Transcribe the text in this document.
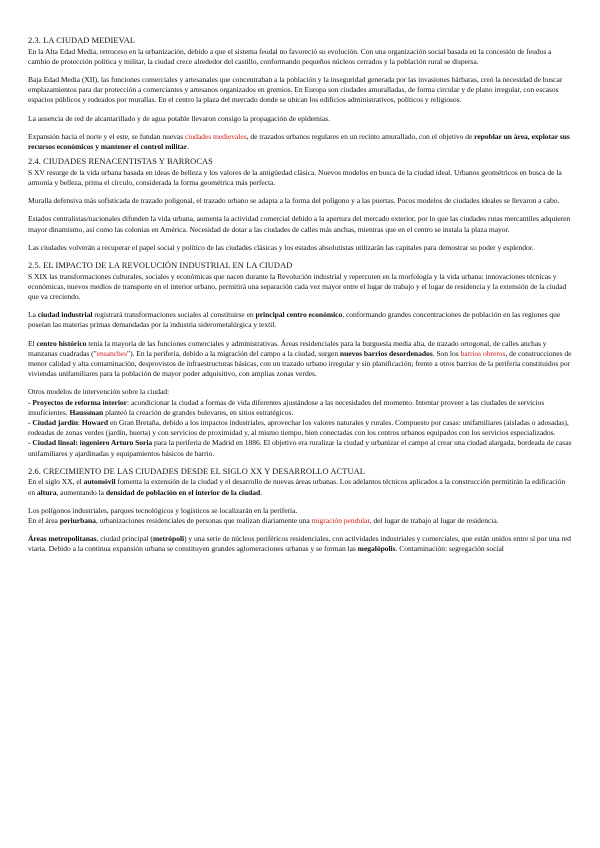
2.3. LA CIUDAD MEDIEVAL

En la Alta Edad Media, retroceso en la urbanización, debido a que el sistema feudal no favoreció su evolución. Con una organización social basada en la concesión de feudos a cambio de protección política y militar, la ciudad crece alrededor del castillo, conformando pequeños núcleos cerrados y la población rural se dispersa.

Baja Edad Media (XII), las funciones comerciales y artesanales que concentraban a la población y la inseguridad generada por las invasiones bárbaras, creó la necesidad de buscar emplazamientos para dar protección a comerciantes y artesanos organizados en gremios. En Europa son ciudades amuralladas, de forma circular y de plano irregular, con escasos espacios públicos y rodeados por murallas. En el centro la plaza del mercado donde se ubican los edificios administrativos, políticos y religiosos.

La ausencia de red de alcantarillado y de agua potable llevaron consigo la propagación de epidemias.

Expansión hacia el norte y el este, se fundan nuevas ciudades medievales, de trazados urbanos regulares en un recinto amurallado, con el objetivo de repoblar un área, explotar sus recursos económicos y mantener el control militar.

2.4. CIUDADES RENACENTISTAS Y BARROCAS

S XV resurge de la vida urbana basada en ideas de belleza y los valores de la antigüedad clásica. Nuevos modelos en busca de la ciudad ideal. Urbanos geométricos en busca de la armonía y belleza, prima el círculo, considerada la forma geométrica más perfecta.

Muralla defensiva más sofisticada de trazado poligonal, el trazado urbano se adapta a la forma del polígono y a las puertas. Pocos modelos de ciudades ideales se llevaron a cabo.

Estados centralistas/nacionales difunden la vida urbana, aumenta la actividad comercial debido a la apertura del mercado exterior, por lo que las ciudades rutas mercantiles adquieren mayor dinamismo, así como las colonias en América. Necesidad de dotar a las ciudades de calles más anchas, mientras que en el centro se instala la plaza mayor.

Las ciudades volverán a recuperar el papel social y político de las ciudades clásicas y los estados absolutistas utilizarán las capitales para demostrar su poder y esplendor.

2.5. EL IMPACTO DE LA REVOLUCIÓN INDUSTRIAL EN LA CIUDAD

S XIX las transformaciones culturales, sociales y económicas que nacen durante la Revolución industrial y repercuten en la morfología y la vida urbana: innovaciones técnicas y económicas, nuevos medios de transporte en el interior urbano, permitirá una separación cada vez mayor entre el lugar de trabajo y el lugar de residencia y la extensión de la ciudad que va creciendo.

La ciudad industrial registrará transformaciones sociales al constituirse en principal centro económico, conformando grandes concentraciones de población en las regiones que poseían las materias primas demandadas por la industria siderometalúrgica y textil.

El centro histórico tenía la mayoría de las funciones comerciales y administrativas. Áreas residenciales para la burguesía media alta, de trazado ortogonal, de calles anchas y manzanas cuadradas ("ensanches"). En la periferia, debido a la migración del campo a la ciudad, surgen nuevos barrios desordenados. Son los barrios obreros, de construcciones de menor calidad y alta contaminación, desprovistos de infraestructuras básicas, con un trazado urbano irregular y sin planificación; frente a otros barrios de la periferia constituidos por viviendas unifamiliares para la población de mayor poder adquisitivo, con amplias zonas verdes.

Otros modelos de intervención sobre la ciudad:

- Proyectos de reforma interior: acondicionar la ciudad a formas de vida diferentes ajustándose a las necesidades del momento. Intentar proveer a las ciudades de servicios insuficientes. Haussman planteó la creación de grandes bulevares, en sitios estratégicos.

- Ciudad jardín: Howard en Gran Bretaña, debido a los impactos industriales, aprovechar los valores naturales y rurales. Compuesto por casas: unifamiliares (aisladas o adosadas), rodeadas de zonas verdes (jardín, huerta) y con servicios de proximidad y, al mismo tiempo, bien conectadas con los centros urbanos equipados con los servicios especializados.

- Ciudad lineal: ingeniero Arturo Soria para la periferia de Madrid en 1886. El objetivo era ruralizar la ciudad y urbanizar el campo al crear una ciudad alargada, bordeada de casas unifamiliares y ajardinadas y equipamientos básicos de barrio.

2.6. CRECIMIENTO DE LAS CIUDADES DESDE EL SIGLO XX Y DESARROLLO ACTUAL

En el siglo XX, el automóvil fomenta la extensión de la ciudad y el desarrollo de nuevas áreas urbanas. Los adelantos técnicos aplicados a la construcción permitirán la edificación en altura, aumentando la densidad de población en el interior de la ciudad.

Los polígonos industriales, parques tecnológicos y logísticos se localizarán en la periferia.

En el área periurbana, urbanizaciones residenciales de personas que realizan diariamente una migración pendular, del lugar de trabajo al lugar de residencia.

Áreas metropolitanas, ciudad principal (metrópoli) y una serie de núcleos periféricos residenciales, con actividades industriales y comerciales, que están unidos entre sí por una red viaria. Debido a la continua expansión urbana se constituyen grandes aglomeraciones urbanas y se forman las megalópolis. Contaminación: segregación social
